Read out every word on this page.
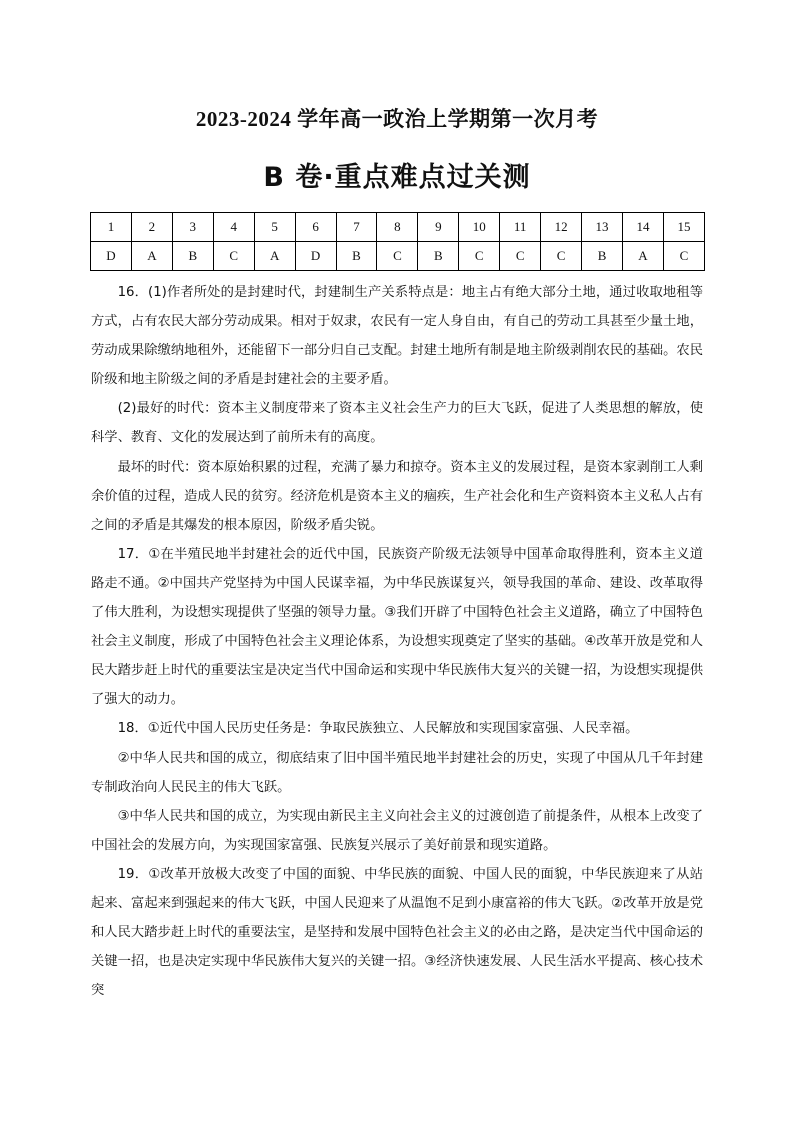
2023-2024 学年高一政治上学期第一次月考
B 卷·重点难点过关测
1	2	3	4	5	6	7	8	9	10	11	12	13	14	15
D	A	B	C	A	D	B	C	B	C	C	C	B	A	C

16．(1)作者所处的是封建时代，封建制生产关系特点是：地主占有绝大部分土地，通过收取地租等方式，占有农民大部分劳动成果。相对于奴隶，农民有一定人身自由，有自己的劳动工具甚至少量土地，劳动成果除缴纳地租外，还能留下一部分归自己支配。封建土地所有制是地主阶级剥削农民的基础。农民阶级和地主阶级之间的矛盾是封建社会的主要矛盾。

(2)最好的时代：资本主义制度带来了资本主义社会生产力的巨大飞跃，促进了人类思想的解放，使科学、教育、文化的发展达到了前所未有的高度。

最坏的时代：资本原始积累的过程，充满了暴力和掠夺。资本主义的发展过程，是资本家剥削工人剩余价值的过程，造成人民的贫穷。经济危机是资本主义的痼疾，生产社会化和生产资料资本主义私人占有之间的矛盾是其爆发的根本原因，阶级矛盾尖锐。

17．①在半殖民地半封建社会的近代中国，民族资产阶级无法领导中国革命取得胜利，资本主义道路走不通。②中国共产党坚持为中国人民谋幸福，为中华民族谋复兴，领导我国的革命、建设、改革取得了伟大胜利，为设想实现提供了坚强的领导力量。③我们开辟了中国特色社会主义道路，确立了中国特色社会主义制度，形成了中国特色社会主义理论体系，为设想实现奠定了坚实的基础。④改革开放是党和人民大踏步赶上时代的重要法宝是决定当代中国命运和实现中华民族伟大复兴的关键一招，为设想实现提供了强大的动力。

18．①近代中国人民历史任务是：争取民族独立、人民解放和实现国家富强、人民幸福。

②中华人民共和国的成立，彻底结束了旧中国半殖民地半封建社会的历史，实现了中国从几千年封建专制政治向人民民主的伟大飞跃。

③中华人民共和国的成立，为实现由新民主主义向社会主义的过渡创造了前提条件，从根本上改变了中国社会的发展方向，为实现国家富强、民族复兴展示了美好前景和现实道路。

19．①改革开放极大改变了中国的面貌、中华民族的面貌、中国人民的面貌，中华民族迎来了从站起来、富起来到强起来的伟大飞跃，中国人民迎来了从温饱不足到小康富裕的伟大飞跃。②改革开放是党和人民大踏步赶上时代的重要法宝，是坚持和发展中国特色社会主义的必由之路，是决定当代中国命运的关键一招，也是决定实现中华民族伟大复兴的关键一招。③经济快速发展、人民生活水平提高、核心技术突
